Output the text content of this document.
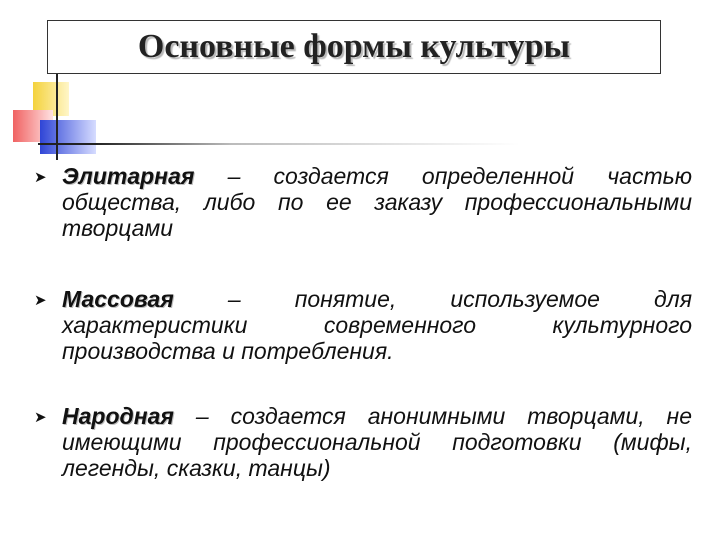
Основные формы культуры
➤ Элитарная – создается определенной частью общества, либо по ее заказу профессиональными творцами
➤ Массовая – понятие, используемое для характеристики современного культурного производства и потребления.
➤ Народная – создается анонимными творцами, не имеющими профессиональной подготовки (мифы, легенды, сказки, танцы)
